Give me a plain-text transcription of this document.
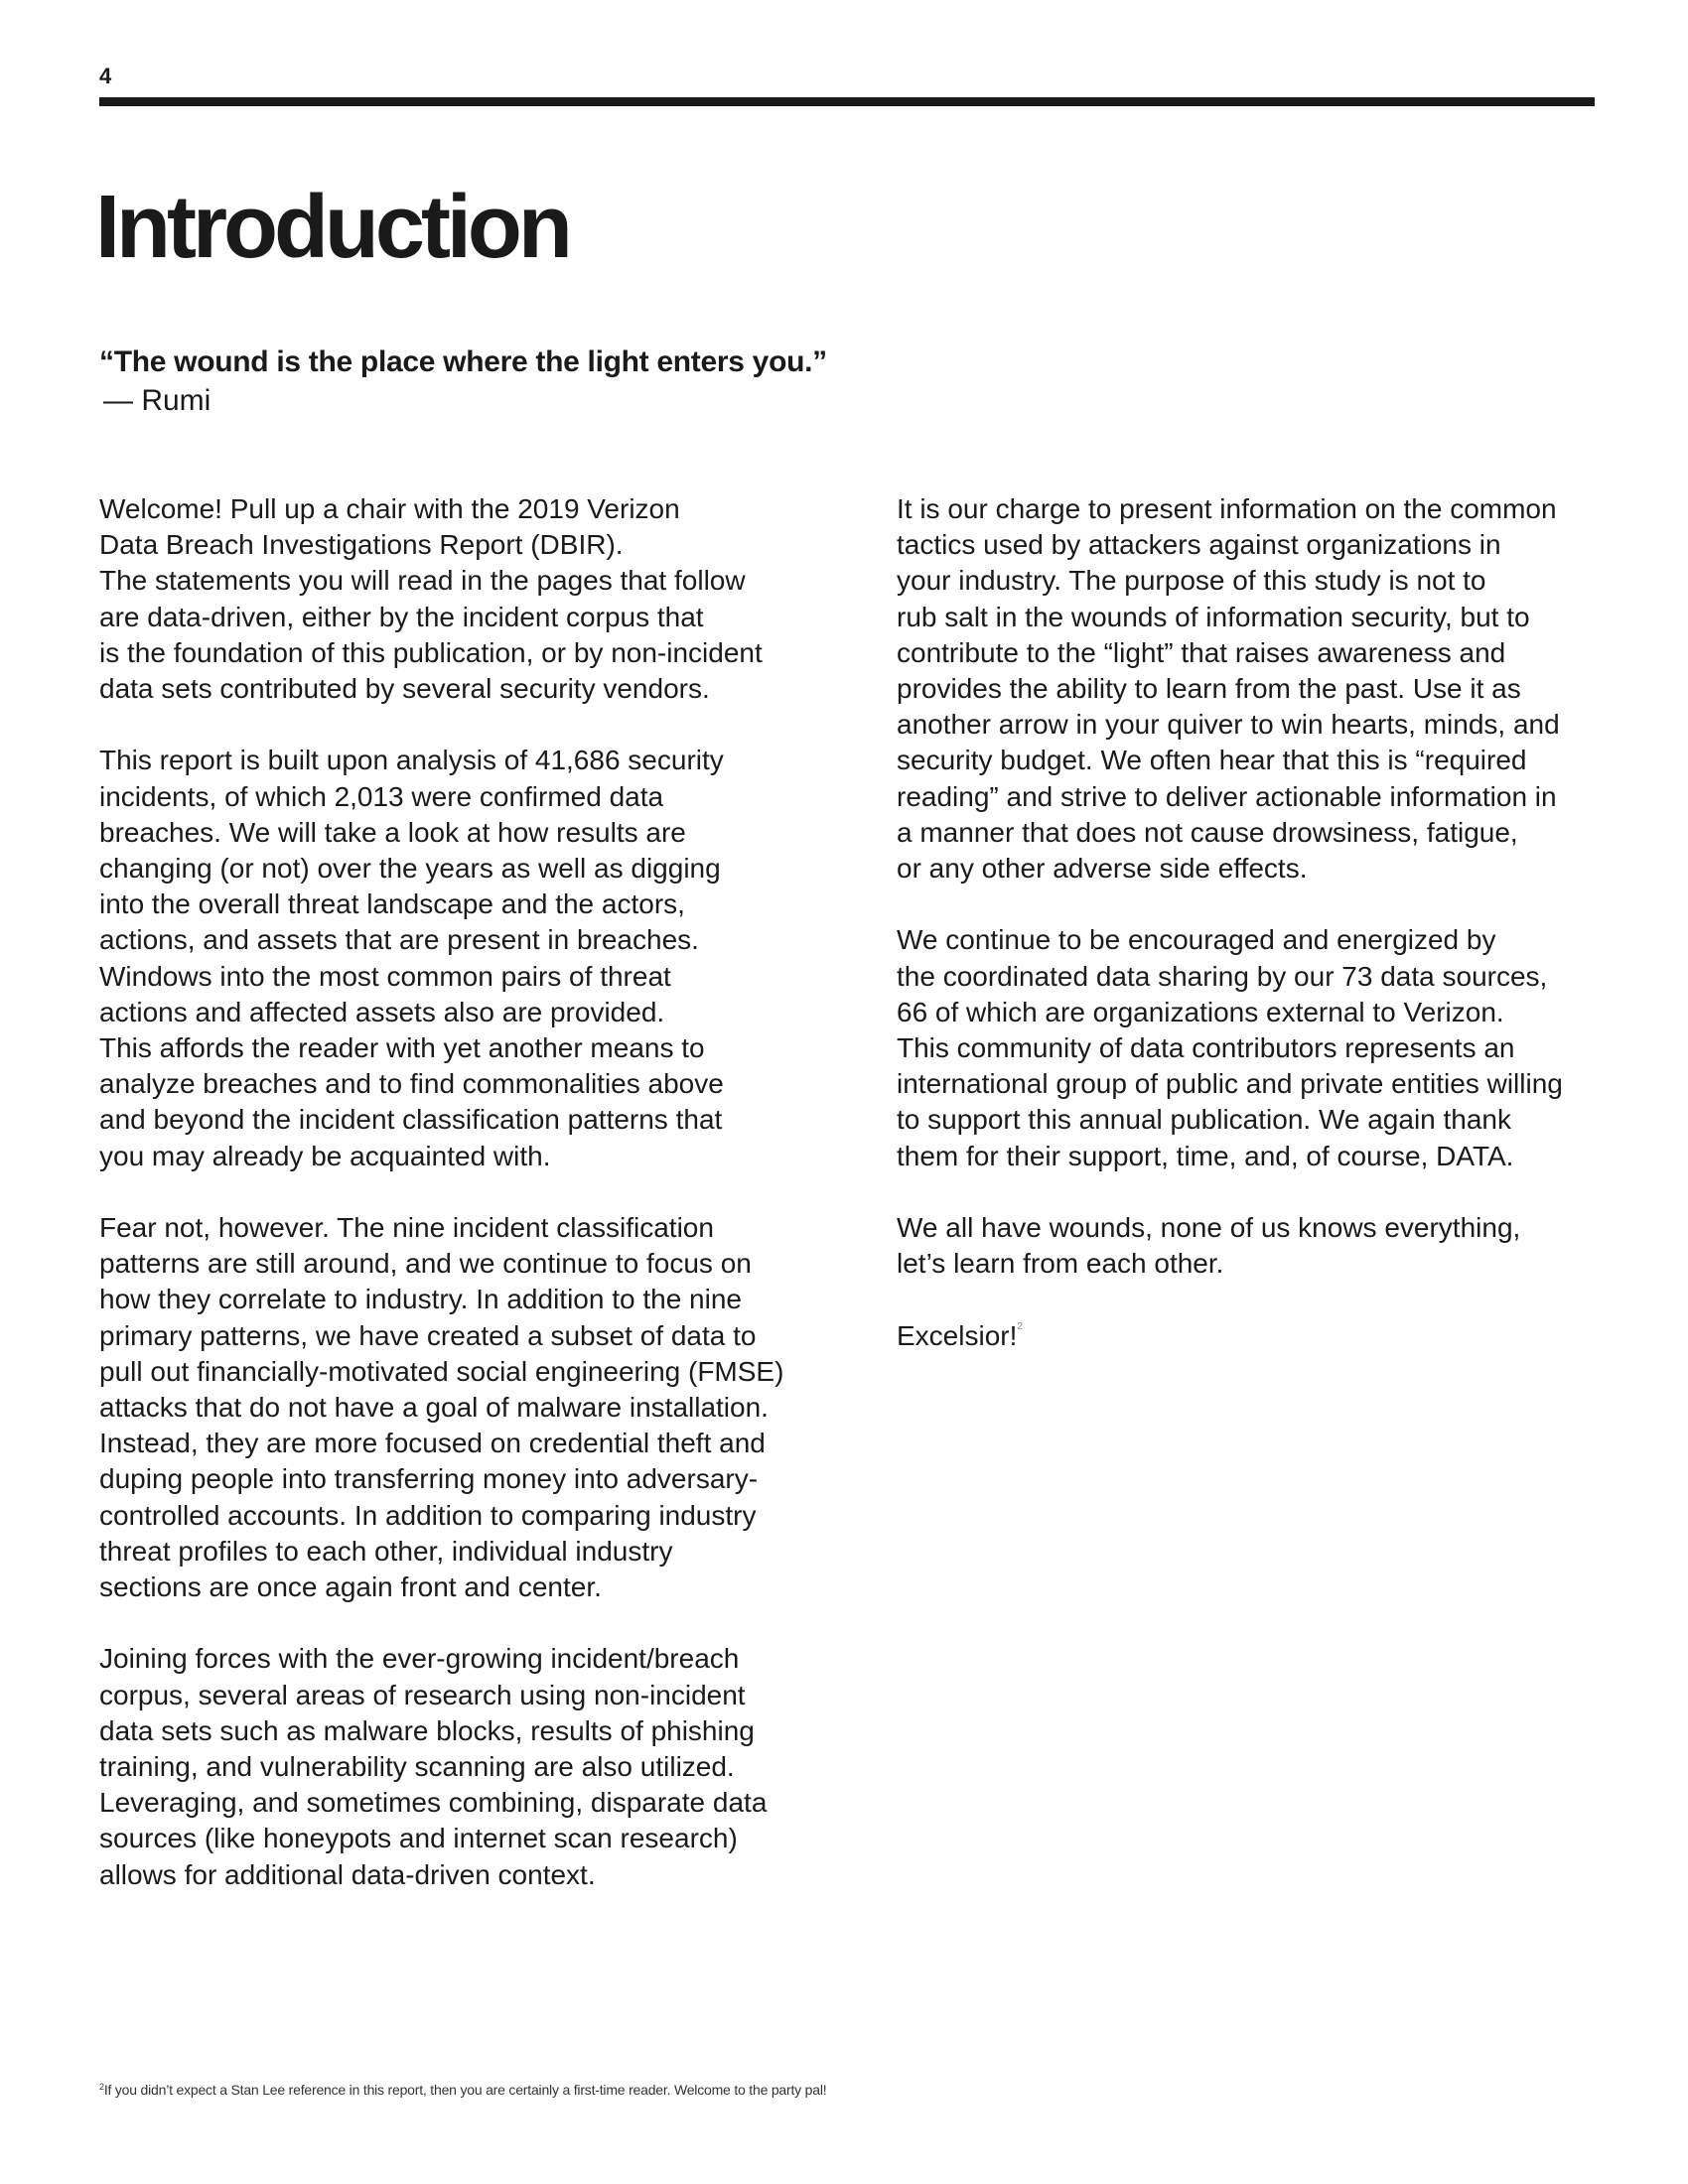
4
Introduction
“The wound is the place where the light enters you.”
— Rumi

Welcome! Pull up a chair with the 2019 Verizon
Data Breach Investigations Report (DBIR).
The statements you will read in the pages that follow
are data-driven, either by the incident corpus that
is the foundation of this publication, or by non-incident
data sets contributed by several security vendors.

This report is built upon analysis of 41,686 security
incidents, of which 2,013 were confirmed data
breaches. We will take a look at how results are
changing (or not) over the years as well as digging
into the overall threat landscape and the actors,
actions, and assets that are present in breaches.
Windows into the most common pairs of threat
actions and affected assets also are provided.
This affords the reader with yet another means to
analyze breaches and to find commonalities above
and beyond the incident classification patterns that
you may already be acquainted with.

Fear not, however. The nine incident classification
patterns are still around, and we continue to focus on
how they correlate to industry. In addition to the nine
primary patterns, we have created a subset of data to
pull out financially-motivated social engineering (FMSE)
attacks that do not have a goal of malware installation.
Instead, they are more focused on credential theft and
duping people into transferring money into adversary-
controlled accounts. In addition to comparing industry
threat profiles to each other, individual industry
sections are once again front and center.

Joining forces with the ever-growing incident/breach
corpus, several areas of research using non-incident
data sets such as malware blocks, results of phishing
training, and vulnerability scanning are also utilized.
Leveraging, and sometimes combining, disparate data
sources (like honeypots and internet scan research)
allows for additional data-driven context.

It is our charge to present information on the common
tactics used by attackers against organizations in
your industry. The purpose of this study is not to
rub salt in the wounds of information security, but to
contribute to the “light” that raises awareness and
provides the ability to learn from the past. Use it as
another arrow in your quiver to win hearts, minds, and
security budget. We often hear that this is “required
reading” and strive to deliver actionable information in
a manner that does not cause drowsiness, fatigue,
or any other adverse side effects.

We continue to be encouraged and energized by
the coordinated data sharing by our 73 data sources,
66 of which are organizations external to Verizon.
This community of data contributors represents an
international group of public and private entities willing
to support this annual publication. We again thank
them for their support, time, and, of course, DATA.

We all have wounds, none of us knows everything,
let’s learn from each other.

Excelsior!$^2$

$^2$If you didn’t expect a Stan Lee reference in this report, then you are certainly a first-time reader. Welcome to the party pal!
